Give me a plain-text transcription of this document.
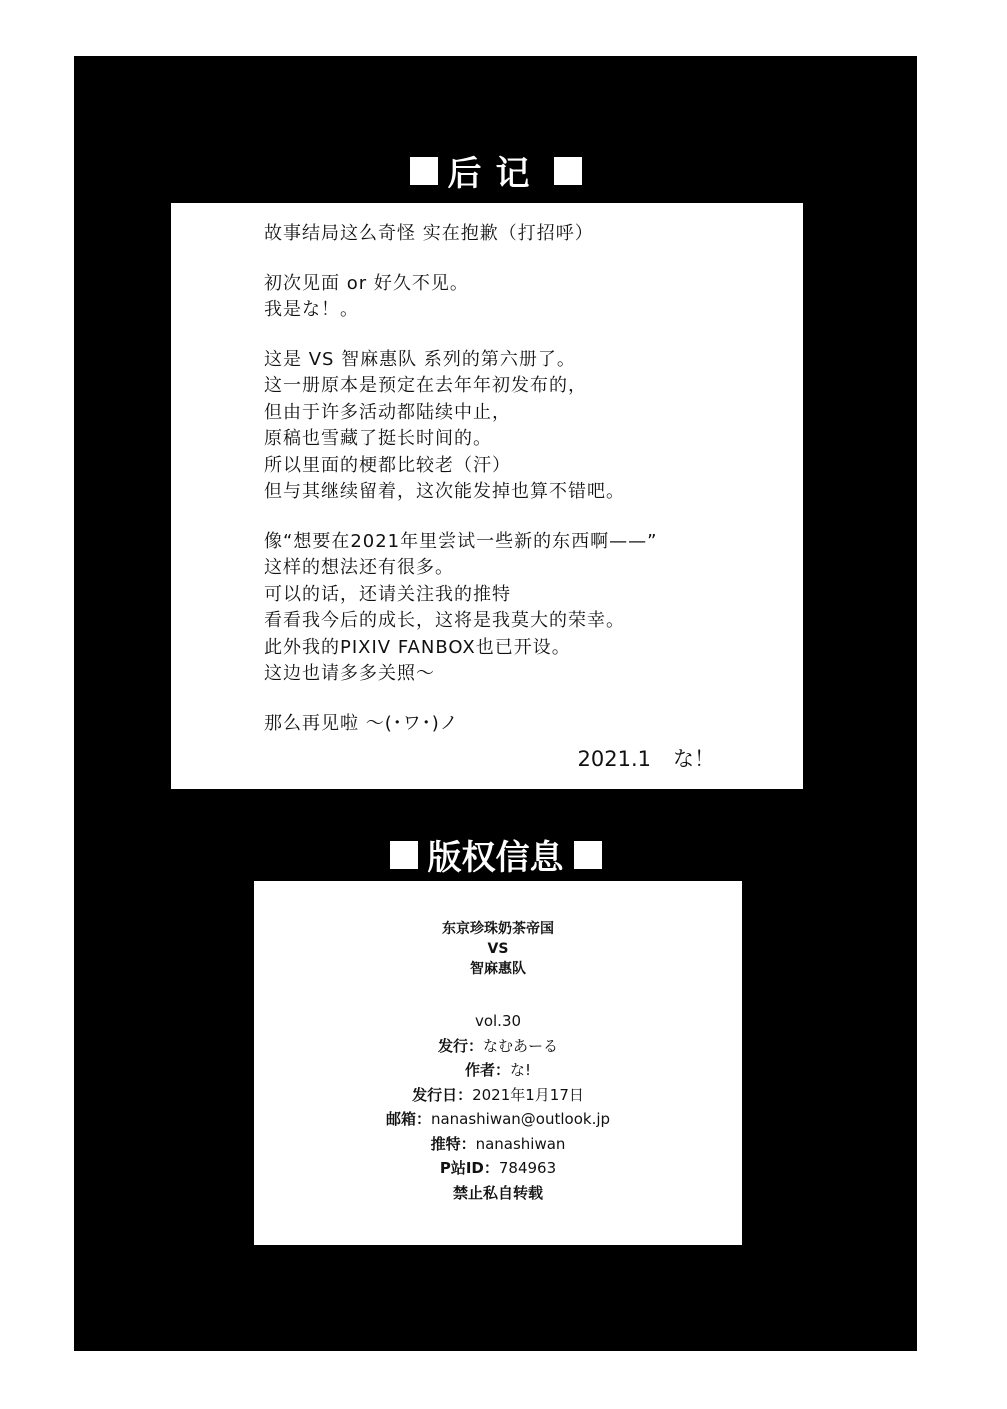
后记
故事结局这么奇怪 实在抱歉（打招呼）
初次见面 or 好久不见。
我是な！。
这是 VS 智麻惠队 系列的第六册了。
这一册原本是预定在去年年初发布的，
但由于许多活动都陆续中止，
原稿也雪藏了挺长时间的。
所以里面的梗都比较老（汗）
但与其继续留着，这次能发掉也算不错吧。
像“想要在2021年里尝试一些新的东西啊——”
这样的想法还有很多。
可以的话，还请关注我的推特
看看我今后的成长，这将是我莫大的荣幸。
此外我的PIXIV FANBOX也已开设。
这边也请多多关照～
那么再见啦 ～(･ワ･)ノ
2021.1 な！
版权信息
东京珍珠奶茶帝国
VS
智麻惠队
vol.30
发行：なむあーる
作者：な!
发行日：2021年1月17日
邮箱：nanashiwan@outlook.jp
推特：nanashiwan
P站ID：784963
禁止私自转载
